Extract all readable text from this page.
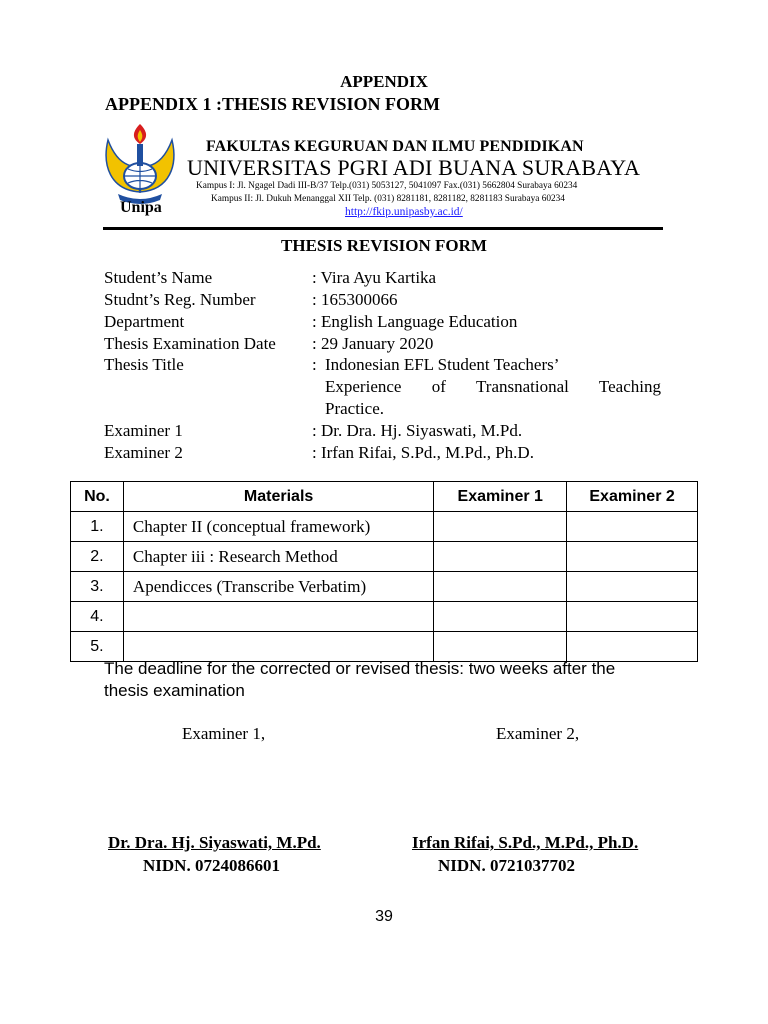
APPENDIX
APPENDIX 1 :THESIS REVISION FORM
Unipa
FAKULTAS KEGURUAN DAN ILMU PENDIDIKAN
UNIVERSITAS PGRI ADI BUANA SURABAYA
Kampus I: Jl. Ngagel Dadi III-B/37 Telp.(031) 5053127, 5041097 Fax.(031) 5662804 Surabaya 60234
Kampus II: Jl. Dukuh Menanggal XII Telp. (031) 8281181, 8281182, 8281183 Surabaya 60234
http://fkip.unipasby.ac.id/
THESIS REVISION FORM
Student’s Name	: Vira Ayu Kartika
Studnt’s Reg. Number	: 165300066
Department	: English Language Education
Thesis Examination Date : 29 January 2020
Thesis Title	: Indonesian EFL Student Teachers’
Experience of Transnational Teaching
Practice.
Examiner 1	: Dr. Dra. Hj. Siyaswati, M.Pd.
Examiner 2	: Irfan Rifai, S.Pd., M.Pd., Ph.D.
No.	Materials	Examiner 1	Examiner 2
1.	Chapter II (conceptual framework)		
2.	Chapter iii : Research Method		
3.	Apendicces (Transcribe Verbatim)		
4.			
5.			
The deadline for the corrected or revised thesis: two weeks after the thesis examination
Examiner 1,	Examiner 2,
Dr. Dra. Hj. Siyaswati, M.Pd.	Irfan Rifai, S.Pd., M.Pd., Ph.D.
NIDN. 0724086601	NIDN. 0721037702
39
